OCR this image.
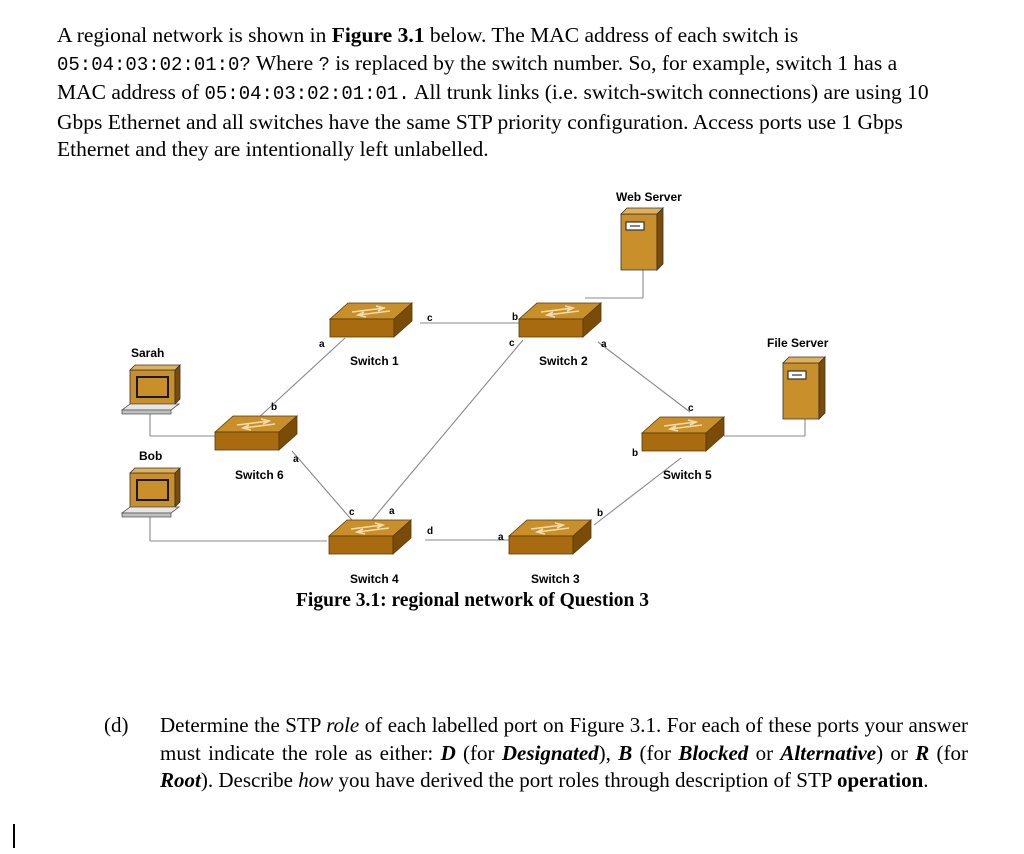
A regional network is shown in Figure 3.1 below. The MAC address of each switch is
05:04:03:02:01:0? Where ? is replaced by the switch number. So, for example, switch 1 has a MAC address of 05:04:03:02:01:01. All trunk links (i.e. switch-switch connections) are using 10 Gbps Ethernet and all switches have the same STP priority configuration. Access ports use 1 Gbps Ethernet and they are intentionally left unlabelled.
Web Server
File Server
Sarah
Bob
Switch 1	Switch 2
Switch 6	Switch 5
Switch 4	Switch 3
a
c	b
c	a
c
b
b
a
c	a
d
a
b
Figure 3.1: regional network of Question 3
(d) Determine the STP role of each labelled port on Figure 3.1. For each of these ports your answer must indicate the role as either: D (for Designated), B (for Blocked or Alternative) or R (for Root). Describe how you have derived the port roles through description of STP operation.
